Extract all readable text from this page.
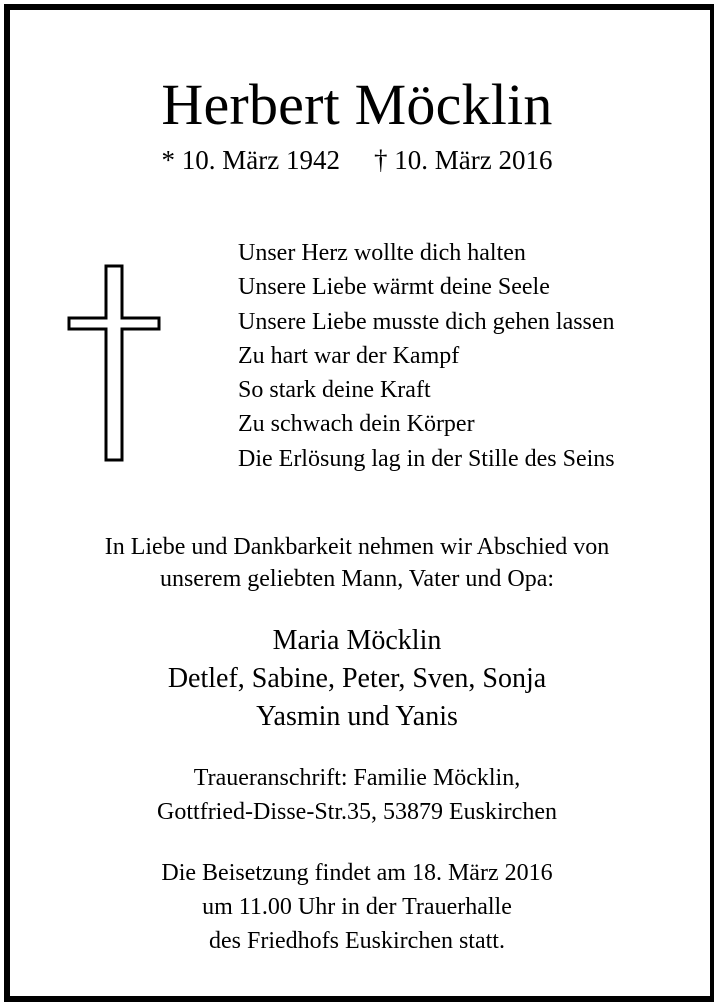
Herbert Möcklin
* 10. März 1942 † 10. März 2016
Unser Herz wollte dich halten
Unsere Liebe wärmt deine Seele
Unsere Liebe musste dich gehen lassen
Zu hart war der Kampf
So stark deine Kraft
Zu schwach dein Körper
Die Erlösung lag in der Stille des Seins
In Liebe und Dankbarkeit nehmen wir Abschied von
unserem geliebten Mann, Vater und Opa:
Maria Möcklin
Detlef, Sabine, Peter, Sven, Sonja
Yasmin und Yanis
Traueranschrift: Familie Möcklin,
Gottfried-Disse-Str.35, 53879 Euskirchen
Die Beisetzung findet am 18. März 2016
um 11.00 Uhr in der Trauerhalle
des Friedhofs Euskirchen statt.
